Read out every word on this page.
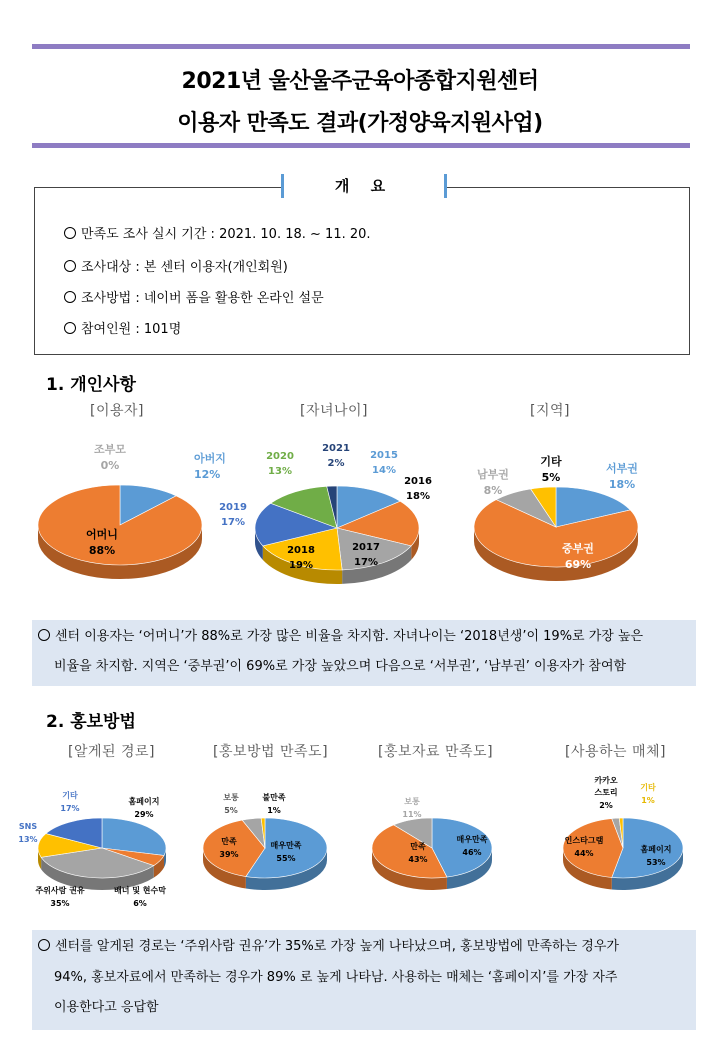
2021년 울산울주군육아종합지원센터
이용자 만족도 결과(가정양육지원사업)
개 요
만족도 조사 실시 기간 : 2021. 10. 18. ~ 11. 20.
조사대상 : 본 센터 이용자(개인회원)
조사방법 : 네이버 폼을 활용한 온라인 설문
참여인원 : 101명
1. 개인사항
[이용자]	[자녀나이]	[지역]
아버지
12%
어머니
88%
조부모
0%
2015
14%
2016
18%
2017
17%
2018
19%
2019
17%
2020
13%
2021
2%	서부권
18%
중부권
69%
남부권
8%
기타
5%
홈페이지
29%
배너 및 현수막
6%
주위사람 권유
35%
SNS
13%
기타
17%
매우만족
55%
만족
39%
보통
5%
불만족
1%
매우만족
46%
만족
43%
보통
11%
홈페이지
53%
인스타그램
44%
카카오
스토리
2%
기타
1%
센터 이용자는 ‘어머니’가 88%로 가장 많은 비율을 차지함. 자녀나이는 ‘2018년생’이 19%로 가장 높은
비율을 차지함. 지역은 ‘중부권’이 69%로 가장 높았으며 다음으로 ‘서부권’, ‘남부권’ 이용자가 참여함
2. 홍보방법
[알게된 경로]	[홍보방법 만족도]	[홍보자료 만족도]	[사용하는 매체]
센터를 알게된 경로는 ‘주위사람 권유’가 35%로 가장 높게 나타났으며, 홍보방법에 만족하는 경우가
94%, 홍보자료에서 만족하는 경우가 89% 로 높게 나타남. 사용하는 매체는 ‘홈페이지’를 가장 자주
이용한다고 응답함
